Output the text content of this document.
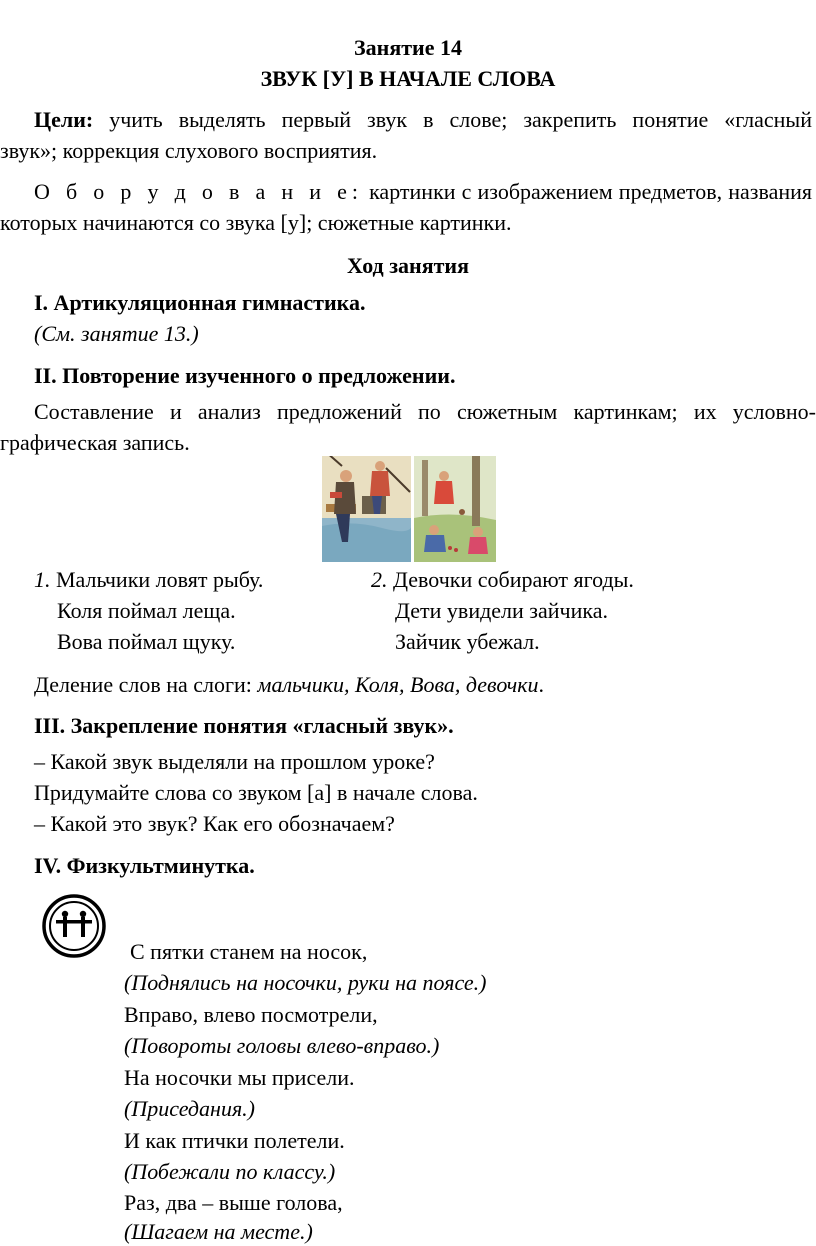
Занятие 14
ЗВУК [У] В НАЧАЛЕ СЛОВА
Цели: учить выделять первый звук в слове; закрепить понятие «гласный
звук»; коррекция слухового восприятия.
О б о р у д о в а н и е: картинки с изображением предметов, названия
которых начинаются со звука [у]; сюжетные картинки.
Ход занятия
I. Артикуляционная гимнастика.
(См. занятие 13.)
II. Повторение изученного о предложении.
Составление и анализ предложений по сюжетным картинкам; их условно-
графическая запись.
1. Мальчики ловят рыбу.
Коля поймал леща.
Вова поймал щуку.
2. Девочки собирают ягоды.
Дети увидели зайчика.
Зайчик убежал.
Деление слов на слоги: мальчики, Коля, Вова, девочки.
III. Закрепление понятия «гласный звук».
– Какой звук выделяли на прошлом уроке?
Придумайте слова со звуком [а] в начале слова.
– Какой это звук? Как его обозначаем?
IV. Физкультминутка.
С пятки станем на носок,
(Поднялись на носочки, руки на поясе.)
Вправо, влево посмотрели,
(Повороты головы влево-вправо.)
На носочки мы присели.
(Приседания.)
И как птички полетели.
(Побежали по классу.)
Раз, два – выше голова,
(Шагаем на месте.)
